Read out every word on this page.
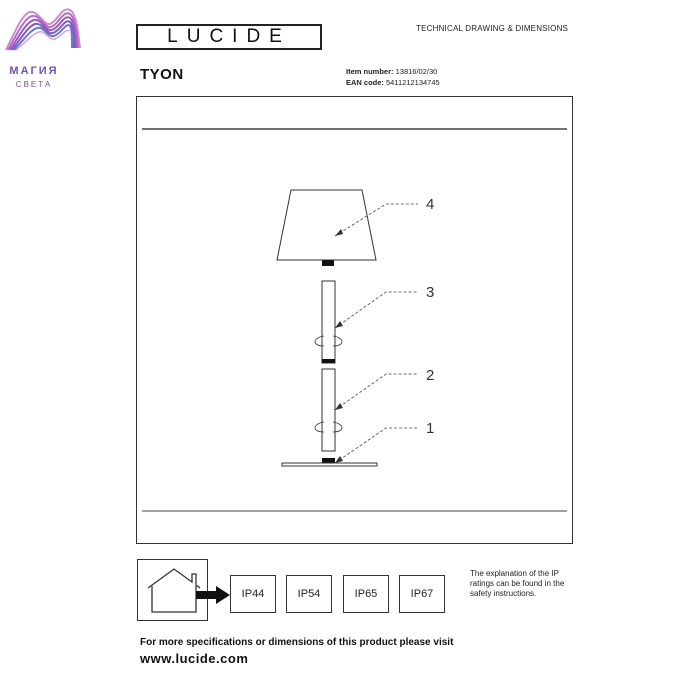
МАГИЯ
СВЕТА
LUCIDE	TECHNICAL DRAWING & DIMENSIONS
TYON	Item number: 13816/02/30
EAN code: 5411212134745
4
3
2
1
IP44	IP54	IP65	IP67
The explanation of the IP ratings can be found in the safety instructions.
For more specifications or dimensions of this product please visit
www.lucide.com
